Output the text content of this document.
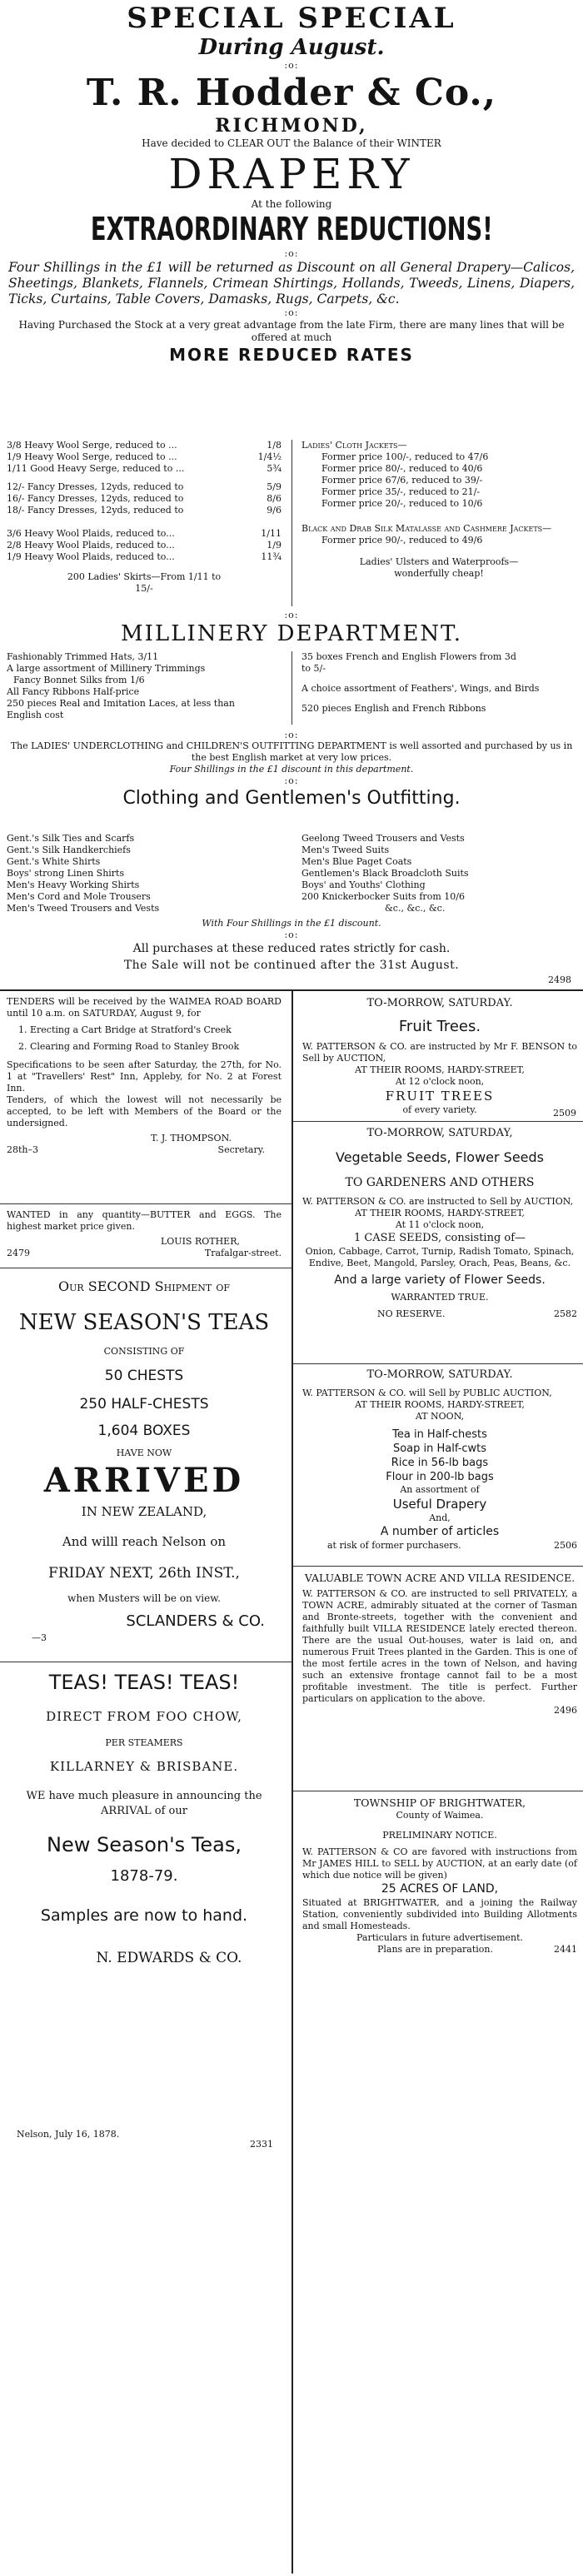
SPECIAL SPECIAL
During August.
:o:
T. R. Hodder & Co.,
RICHMOND,
Have decided to CLEAR OUT the Balance of their WINTER
DRAPERY
At the following
EXTRAORDINARY REDUCTIONS!
:o:
Four Shillings in the £1 will be returned as Discount on all General Drapery—Calicos, Sheetings, Blankets, Flannels, Crimean Shirtings, Hollands, Tweeds, Linens, Diapers, Ticks, Curtains, Table Covers, Damasks, Rugs, Carpets, &c.
:o:
Having Purchased the Stock at a very great advantage from the late Firm, there are many lines that will be offered at much
MORE REDUCED RATES
3/8 Heavy Wool Serge, reduced to ...	1/8
1/9 Heavy Wool Serge, reduced to ...	1/4½
1/11 Good Heavy Serge, reduced to ...	5¾
12/- Fancy Dresses, 12yds, reduced to	5/9
16/- Fancy Dresses, 12yds, reduced to	8/6
18/- Fancy Dresses, 12yds, reduced to	9/6
3/6 Heavy Wool Plaids, reduced to...	1/11
2/8 Heavy Wool Plaids, reduced to...	1/9
1/9 Heavy Wool Plaids, reduced to...	11¾
200 Ladies' Skirts—From 1/11 to 15/-
Ladies' Cloth Jackets—
Former price 100/-, reduced to 47/6
Former price 80/-, reduced to 40/6
Former price 67/6, reduced to 39/-
Former price 35/-, reduced to 21/-
Former price 20/-, reduced to 10/6
Black and Drab Silk Matalasse and Cashmere Jackets—
Former price 90/-, reduced to 49/6
Ladies' Ulsters and Waterproofs—wonderfully cheap!
:o:
MILLINERY DEPARTMENT.
Fashionably Trimmed Hats, 3/11
A large assortment of Millinery Trimmings
Fancy Bonnet Silks from 1/6
All Fancy Ribbons Half-price
250 pieces Real and Imitation Laces, at less than English cost
35 boxes French and English Flowers from 3d to 5/-
A choice assortment of Feathers', Wings, and Birds
520 pieces English and French Ribbons
:o:
The LADIES' UNDERCLOTHING and CHILDREN'S OUTFITTING DEPARTMENT is well assorted and purchased by us in the best English market at very low prices.
Four Shillings in the £1 discount in this department.
:o:
Clothing and Gentlemen's Outfitting.
Gent.'s Silk Ties and Scarfs
Gent.'s Silk Handkerchiefs
Gent.'s White Shirts
Boys' strong Linen Shirts
Men's Heavy Working Shirts
Men's Cord and Mole Trousers
Men's Tweed Trousers and Vests
Geelong Tweed Trousers and Vests
Men's Tweed Suits
Men's Blue Paget Coats
Gentlemen's Black Broadcloth Suits
Boys' and Youths' Clothing
200 Knickerbocker Suits from 10/6
&c., &c., &c.
With Four Shillings in the £1 discount.
:o:
All purchases at these reduced rates strictly for cash.
The Sale will not be continued after the 31st August.
2498
TENDERS will be received by the WAIMEA ROAD BOARD until 10 a.m. on SATURDAY, August 9, for
1. Erecting a Cart Bridge at Stratford's Creek
2. Clearing and Forming Road to Stanley Brook
Specifications to be seen after Saturday, the 27th, for No. 1 at "Travellers' Rest" Inn, Appleby, for No. 2 at Forest Inn.
Tenders, of which the lowest will not necessarily be accepted, to be left with Members of the Board or the undersigned.
T. J. THOMPSON.
28th–3	Secretary.
WANTED in any quantity—BUTTER and EGGS. The highest market price given.
LOUIS ROTHER,
2479	Trafalgar-street.
Our SECOND Shipment of
NEW SEASON'S TEAS
CONSISTING OF
50 CHESTS
250 HALF-CHESTS
1,604 BOXES
HAVE NOW
ARRIVED
IN NEW ZEALAND,
And willl reach Nelson on
FRIDAY NEXT, 26th INST.,
when Musters will be on view.
SCLANDERS & CO.
—3
TEAS! TEAS! TEAS!
DIRECT FROM FOO CHOW,
PER STEAMERS
KILLARNEY & BRISBANE.
WE have much pleasure in announcing the ARRIVAL of our
New Season's Teas,
1878-79.
Samples are now to hand.
N. EDWARDS & CO.
Nelson, July 16, 1878.
2331
TO-MORROW, SATURDAY.
Fruit Trees.
W. PATTERSON & CO. are instructed by Mr F. BENSON to Sell by AUCTION,
AT THEIR ROOMS, HARDY-STREET,
At 12 o'clock noon,
FRUIT TREES
of every variety.	2509
TO-MORROW, SATURDAY,
Vegetable Seeds, Flower Seeds
TO GARDENERS AND OTHERS
W. PATTERSON & CO. are instructed to Sell by AUCTION,
AT THEIR ROOMS, HARDY-STREET,
At 11 o'clock noon,
1 CASE SEEDS, consisting of—
Onion, Cabbage, Carrot, Turnip, Radish Tomato, Spinach, Endive, Beet, Mangold, Parsley, Orach, Peas, Beans, &c.
And a large variety of Flower Seeds.
WARRANTED TRUE.
NO RESERVE.	2582
TO-MORROW, SATURDAY.
W. PATTERSON & CO. will Sell by PUBLIC AUCTION,
AT THEIR ROOMS, HARDY-STREET,
AT NOON,
Tea in Half-chests
Soap in Half-cwts
Rice in 56-lb bags
Flour in 200-lb bags
An assortment of
Useful Drapery
And,
A number of articles
at risk of former purchasers.	2506
VALUABLE TOWN ACRE AND VILLA RESIDENCE.
W. PATTERSON & CO. are instructed to sell PRIVATELY, a TOWN ACRE, admirably situated at the corner of Tasman and Bronte-streets, together with the convenient and faithfully built VILLA RESIDENCE lately erected thereon. There are the usual Out-houses, water is laid on, and numerous Fruit Trees planted in the Garden. This is one of the most fertile acres in the town of Nelson, and having such an extensive frontage cannot fail to be a most profitable investment. The title is perfect. Further particulars on application to the above.
2496
TOWNSHIP OF BRIGHTWATER,
County of Waimea.
PRELIMINARY NOTICE.
W. PATTERSON & CO are favored with instructions from Mr JAMES HILL to SELL by AUCTION, at an early date (of which due notice will be given)
25 ACRES OF LAND,
Situated at BRIGHTWATER, and a joining the Railway Station, conveniently subdivided into Building Allotments and small Homesteads.
Particulars in future advertisement.
Plans are in preparation.	2441
